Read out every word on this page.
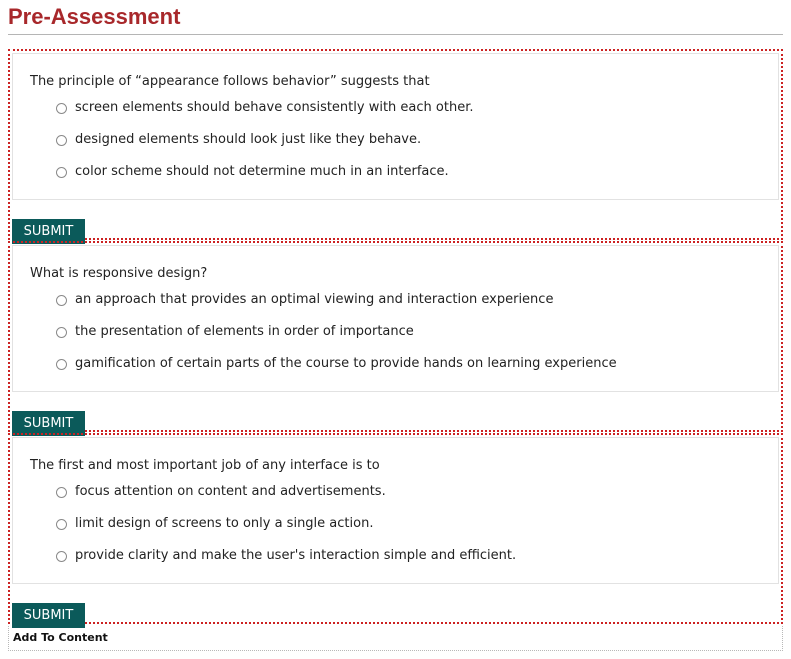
Pre-Assessment
The principle of “appearance follows behavior” suggests that
screen elements should behave consistently with each other.
designed elements should look just like they behave.
color scheme should not determine much in an interface.
SUBMIT
What is responsive design?
an approach that provides an optimal viewing and interaction experience
the presentation of elements in order of importance
gamification of certain parts of the course to provide hands on learning experience
SUBMIT
The first and most important job of any interface is to
focus attention on content and advertisements.
limit design of screens to only a single action.
provide clarity and make the user's interaction simple and efficient.
SUBMIT
Add To Content
